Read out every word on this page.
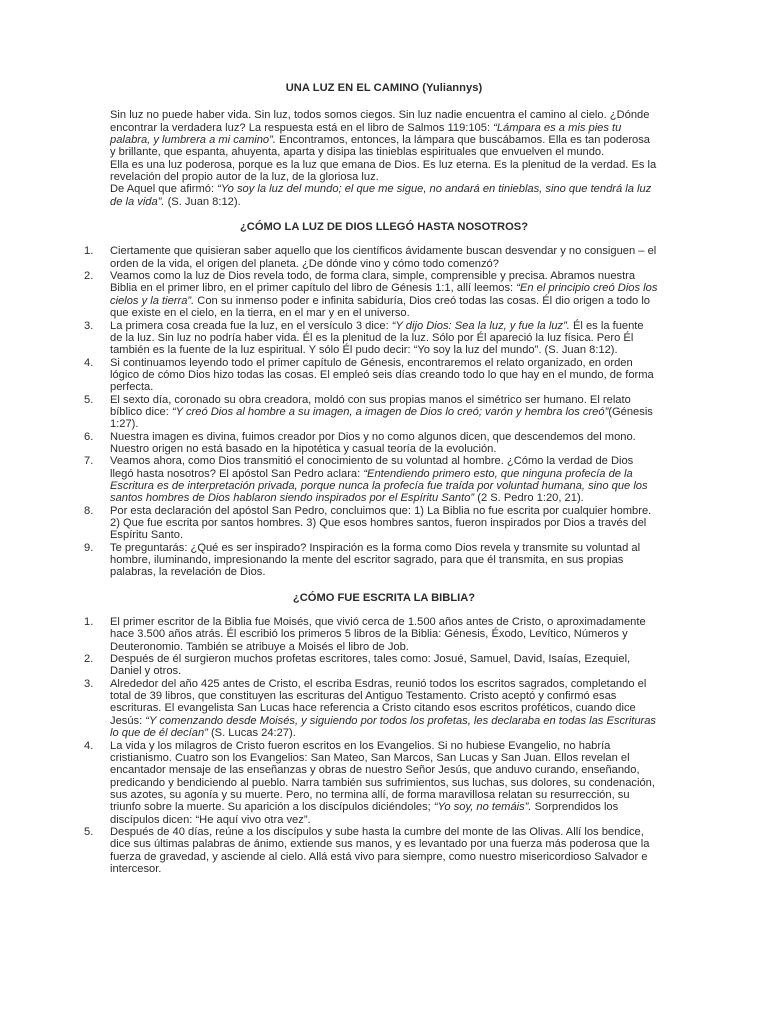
UNA LUZ EN EL CAMINO (Yuliannys)

Sin luz no puede haber vida. Sin luz, todos somos ciegos. Sin luz nadie encuentra el camino al cielo. ¿Dónde encontrar la verdadera luz? La respuesta está en el libro de Salmos 119:105: “Lámpara es a mis pies tu palabra, y lumbrera a mi camino”. Encontramos, entonces, la lámpara que buscábamos. Ella es tan poderosa y brillante, que espanta, ahuyenta, aparta y disipa las tinieblas espirituales que envuelven el mundo.

Ella es una luz poderosa, porque es la luz que emana de Dios. Es luz eterna. Es la plenitud de la verdad. Es la revelación del propio autor de la luz, de la gloriosa luz.

De Aquel que afirmó: “Yo soy la luz del mundo; el que me sigue, no andará en tinieblas, sino que tendrá la luz de la vida”. (S. Juan 8:12).

¿CÓMO LA LUZ DE DIOS LLEGÓ HASTA NOSOTROS?
1. Ciertamente que quisieran saber aquello que los científicos ávidamente buscan desvendar y no consiguen – el orden de la vida, el origen del planeta. ¿De dónde vino y cómo todo comenzó?
2. Veamos como la luz de Dios revela todo, de forma clara, simple, comprensible y precisa. Abramos nuestra Biblia en el primer libro, en el primer capítulo del libro de Génesis 1:1, allí leemos: “En el principio creó Dios los cielos y la tierra”. Con su inmenso poder e infinita sabiduría, Dios creó todas las cosas. Él dio origen a todo lo que existe en el cielo, en la tierra, en el mar y en el universo.
3. La primera cosa creada fue la luz, en el versículo 3 dice: “Y dijo Dios: Sea la luz, y fue la luz”. Él es la fuente de la luz. Sin luz no podría haber vida. Él es la plenitud de la luz. Sólo por Él apareció la luz física. Pero Él también es la fuente de la luz espiritual. Y sólo Él pudo decir: “Yo soy la luz del mundo”. (S. Juan 8:12).
4. Si continuamos leyendo todo el primer capítulo de Génesis, encontraremos el relato organizado, en orden lógico de cómo Dios hizo todas las cosas. El empleó seis días creando todo lo que hay en el mundo, de forma perfecta.
5. El sexto día, coronado su obra creadora, moldó con sus propias manos el simétrico ser humano. El relato bíblico dice: “Y creó Dios al hombre a su imagen, a imagen de Dios lo creó; varón y hembra los creó”(Génesis 1:27).
6. Nuestra imagen es divina, fuimos creador por Dios y no como algunos dicen, que descendemos del mono. Nuestro origen no está basado en la hipotética y casual teoría de la evolución.
7. Veamos ahora, como Dios transmitió el conocimiento de su voluntad al hombre. ¿Cómo la verdad de Dios llegó hasta nosotros? El apóstol San Pedro aclara: “Entendiendo primero esto, que ninguna profecía de la Escritura es de interpretación privada, porque nunca la profecía fue traída por voluntad humana, sino que los santos hombres de Dios hablaron siendo inspirados por el Espíritu Santo” (2 S. Pedro 1:20, 21).
8. Por esta declaración del apóstol San Pedro, concluimos que: 1) La Biblia no fue escrita por cualquier hombre. 2) Que fue escrita por santos hombres. 3) Que esos hombres santos, fueron inspirados por Dios a través del Espíritu Santo.
9. Te preguntarás: ¿Qué es ser inspirado? Inspiración es la forma como Dios revela y transmite su voluntad al hombre, iluminando, impresionando la mente del escritor sagrado, para que él transmita, en sus propias palabras, la revelación de Dios.
¿CÓMO FUE ESCRITA LA BIBLIA?
1. El primer escritor de la Biblia fue Moisés, que vivió cerca de 1.500 años antes de Cristo, o aproximadamente hace 3.500 años atrás. Él escribió los primeros 5 libros de la Biblia: Génesis, Éxodo, Levítico, Números y Deuteronomio. También se atribuye a Moisés el libro de Job.
2. Después de él surgieron muchos profetas escritores, tales como: Josué, Samuel, David, Isaías, Ezequiel, Daniel y otros.
3. Alrededor del año 425 antes de Cristo, el escriba Esdras, reunió todos los escritos sagrados, completando el total de 39 libros, que constituyen las escrituras del Antiguo Testamento. Cristo aceptó y confirmó esas escrituras. El evangelista San Lucas hace referencia a Cristo citando esos escritos proféticos, cuando dice Jesús: “Y comenzando desde Moisés, y siguiendo por todos los profetas, les declaraba en todas las Escrituras lo que de él decían” (S. Lucas 24:27).
4. La vida y los milagros de Cristo fueron escritos en los Evangelios. Si no hubiese Evangelio, no habría cristianismo. Cuatro son los Evangelios: San Mateo, San Marcos, San Lucas y San Juan. Ellos revelan el encantador mensaje de las enseñanzas y obras de nuestro Señor Jesús, que anduvo curando, enseñando, predicando y bendiciendo al pueblo. Narra también sus sufrimientos, sus luchas, sus dolores, su condenación, sus azotes, su agonía y su muerte. Pero, no termina allí, de forma maravillosa relatan su resurrección, su triunfo sobre la muerte. Su aparición a los discípulos diciéndoles; “Yo soy, no temáis”. Sorprendidos los discípulos dicen: “He aquí vivo otra vez”.
5. Después de 40 días, reúne a los discípulos y sube hasta la cumbre del monte de las Olivas. Allí los bendice, dice sus últimas palabras de ánimo, extiende sus manos, y es levantado por una fuerza más poderosa que la fuerza de gravedad, y asciende al cielo. Allá está vivo para siempre, como nuestro misericordioso Salvador e intercesor.
